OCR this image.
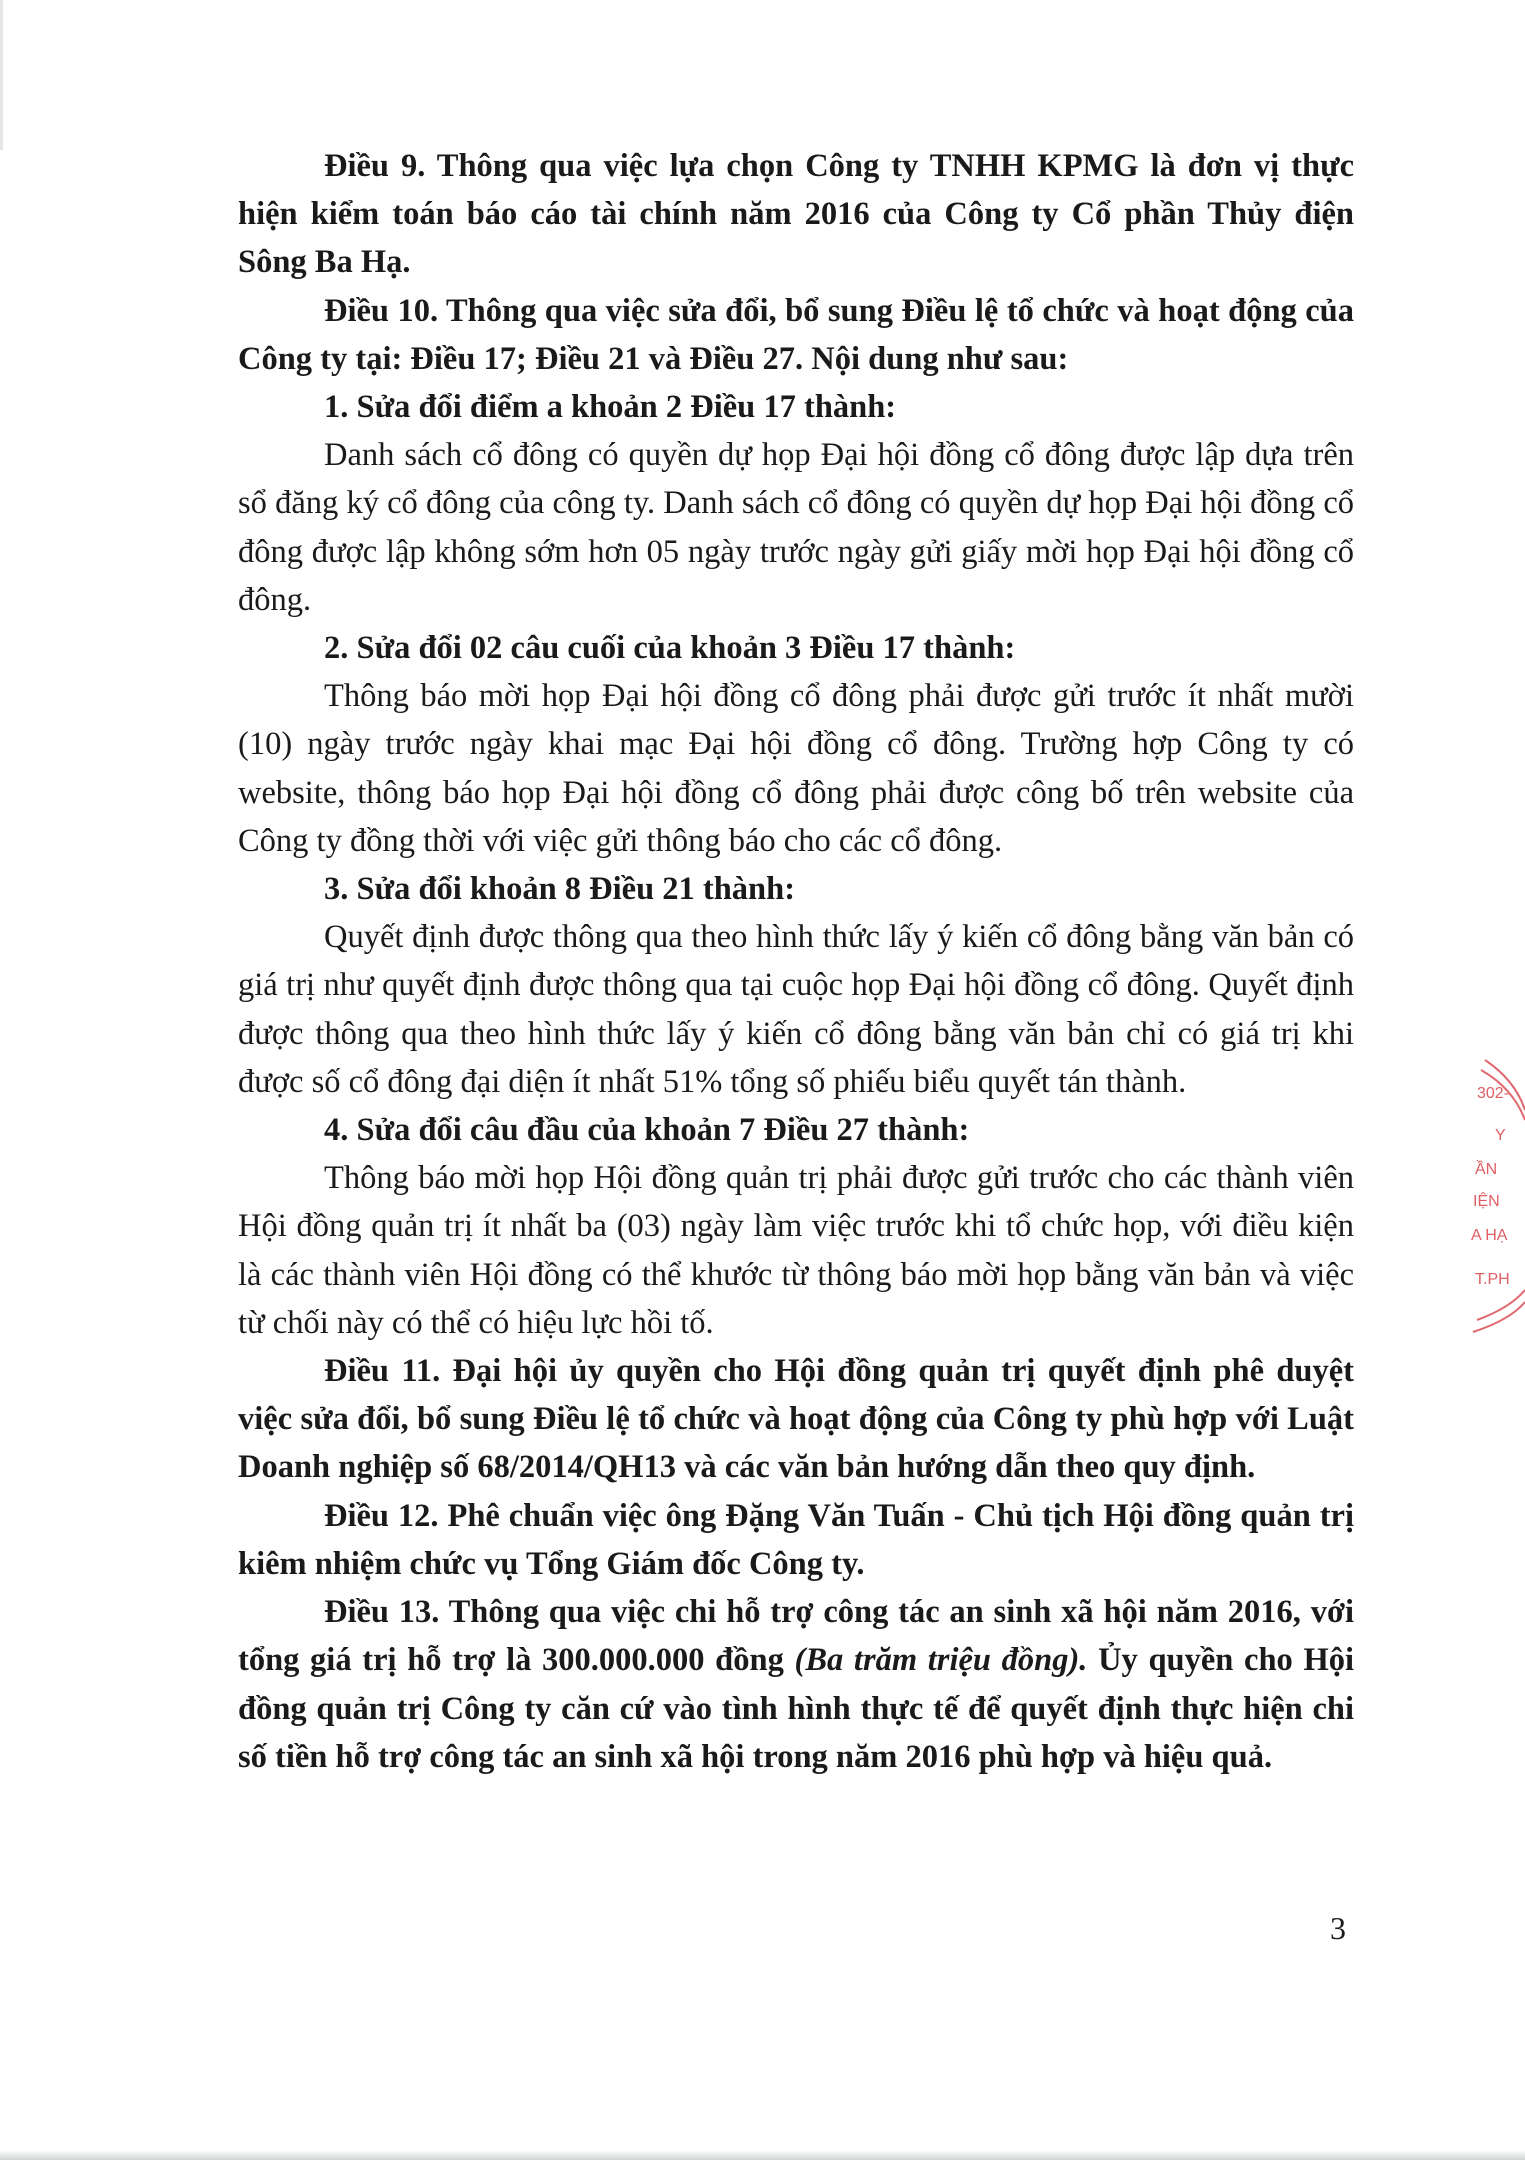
Điều 9. Thông qua việc lựa chọn Công ty TNHH KPMG là đơn vị thực hiện kiểm toán báo cáo tài chính năm 2016 của Công ty Cổ phần Thủy điện Sông Ba Hạ.

Điều 10. Thông qua việc sửa đổi, bổ sung Điều lệ tổ chức và hoạt động của Công ty tại: Điều 17; Điều 21 và Điều 27. Nội dung như sau:

1. Sửa đổi điểm a khoản 2 Điều 17 thành:

Danh sách cổ đông có quyền dự họp Đại hội đồng cổ đông được lập dựa trên sổ đăng ký cổ đông của công ty. Danh sách cổ đông có quyền dự họp Đại hội đồng cổ đông được lập không sớm hơn 05 ngày trước ngày gửi giấy mời họp Đại hội đồng cổ đông.

2. Sửa đổi 02 câu cuối của khoản 3 Điều 17 thành:

Thông báo mời họp Đại hội đồng cổ đông phải được gửi trước ít nhất mười (10) ngày trước ngày khai mạc Đại hội đồng cổ đông. Trường hợp Công ty có website, thông báo họp Đại hội đồng cổ đông phải được công bố trên website của Công ty đồng thời với việc gửi thông báo cho các cổ đông.

3. Sửa đổi khoản 8 Điều 21 thành:

Quyết định được thông qua theo hình thức lấy ý kiến cổ đông bằng văn bản có giá trị như quyết định được thông qua tại cuộc họp Đại hội đồng cổ đông. Quyết định được thông qua theo hình thức lấy ý kiến cổ đông bằng văn bản chỉ có giá trị khi được số cổ đông đại diện ít nhất 51% tổng số phiếu biểu quyết tán thành.

4. Sửa đổi câu đầu của khoản 7 Điều 27 thành:

Thông báo mời họp Hội đồng quản trị phải được gửi trước cho các thành viên Hội đồng quản trị ít nhất ba (03) ngày làm việc trước khi tổ chức họp, với điều kiện là các thành viên Hội đồng có thể khước từ thông báo mời họp bằng văn bản và việc từ chối này có thể có hiệu lực hồi tố.

Điều 11. Đại hội ủy quyền cho Hội đồng quản trị quyết định phê duyệt việc sửa đổi, bổ sung Điều lệ tổ chức và hoạt động của Công ty phù hợp với Luật Doanh nghiệp số 68/2014/QH13 và các văn bản hướng dẫn theo quy định.

Điều 12. Phê chuẩn việc ông Đặng Văn Tuấn - Chủ tịch Hội đồng quản trị kiêm nhiệm chức vụ Tổng Giám đốc Công ty.

Điều 13. Thông qua việc chi hỗ trợ công tác an sinh xã hội năm 2016, với tổng giá trị hỗ trợ là 300.000.000 đồng (Ba trăm triệu đồng). Ủy quyền cho Hội đồng quản trị Công ty căn cứ vào tình hình thực tế để quyết định thực hiện chi số tiền hỗ trợ công tác an sinh xã hội trong năm 2016 phù hợp và hiệu quả.

3
302-
Y
ẦN
IỆN
A HẠ
T.PH
